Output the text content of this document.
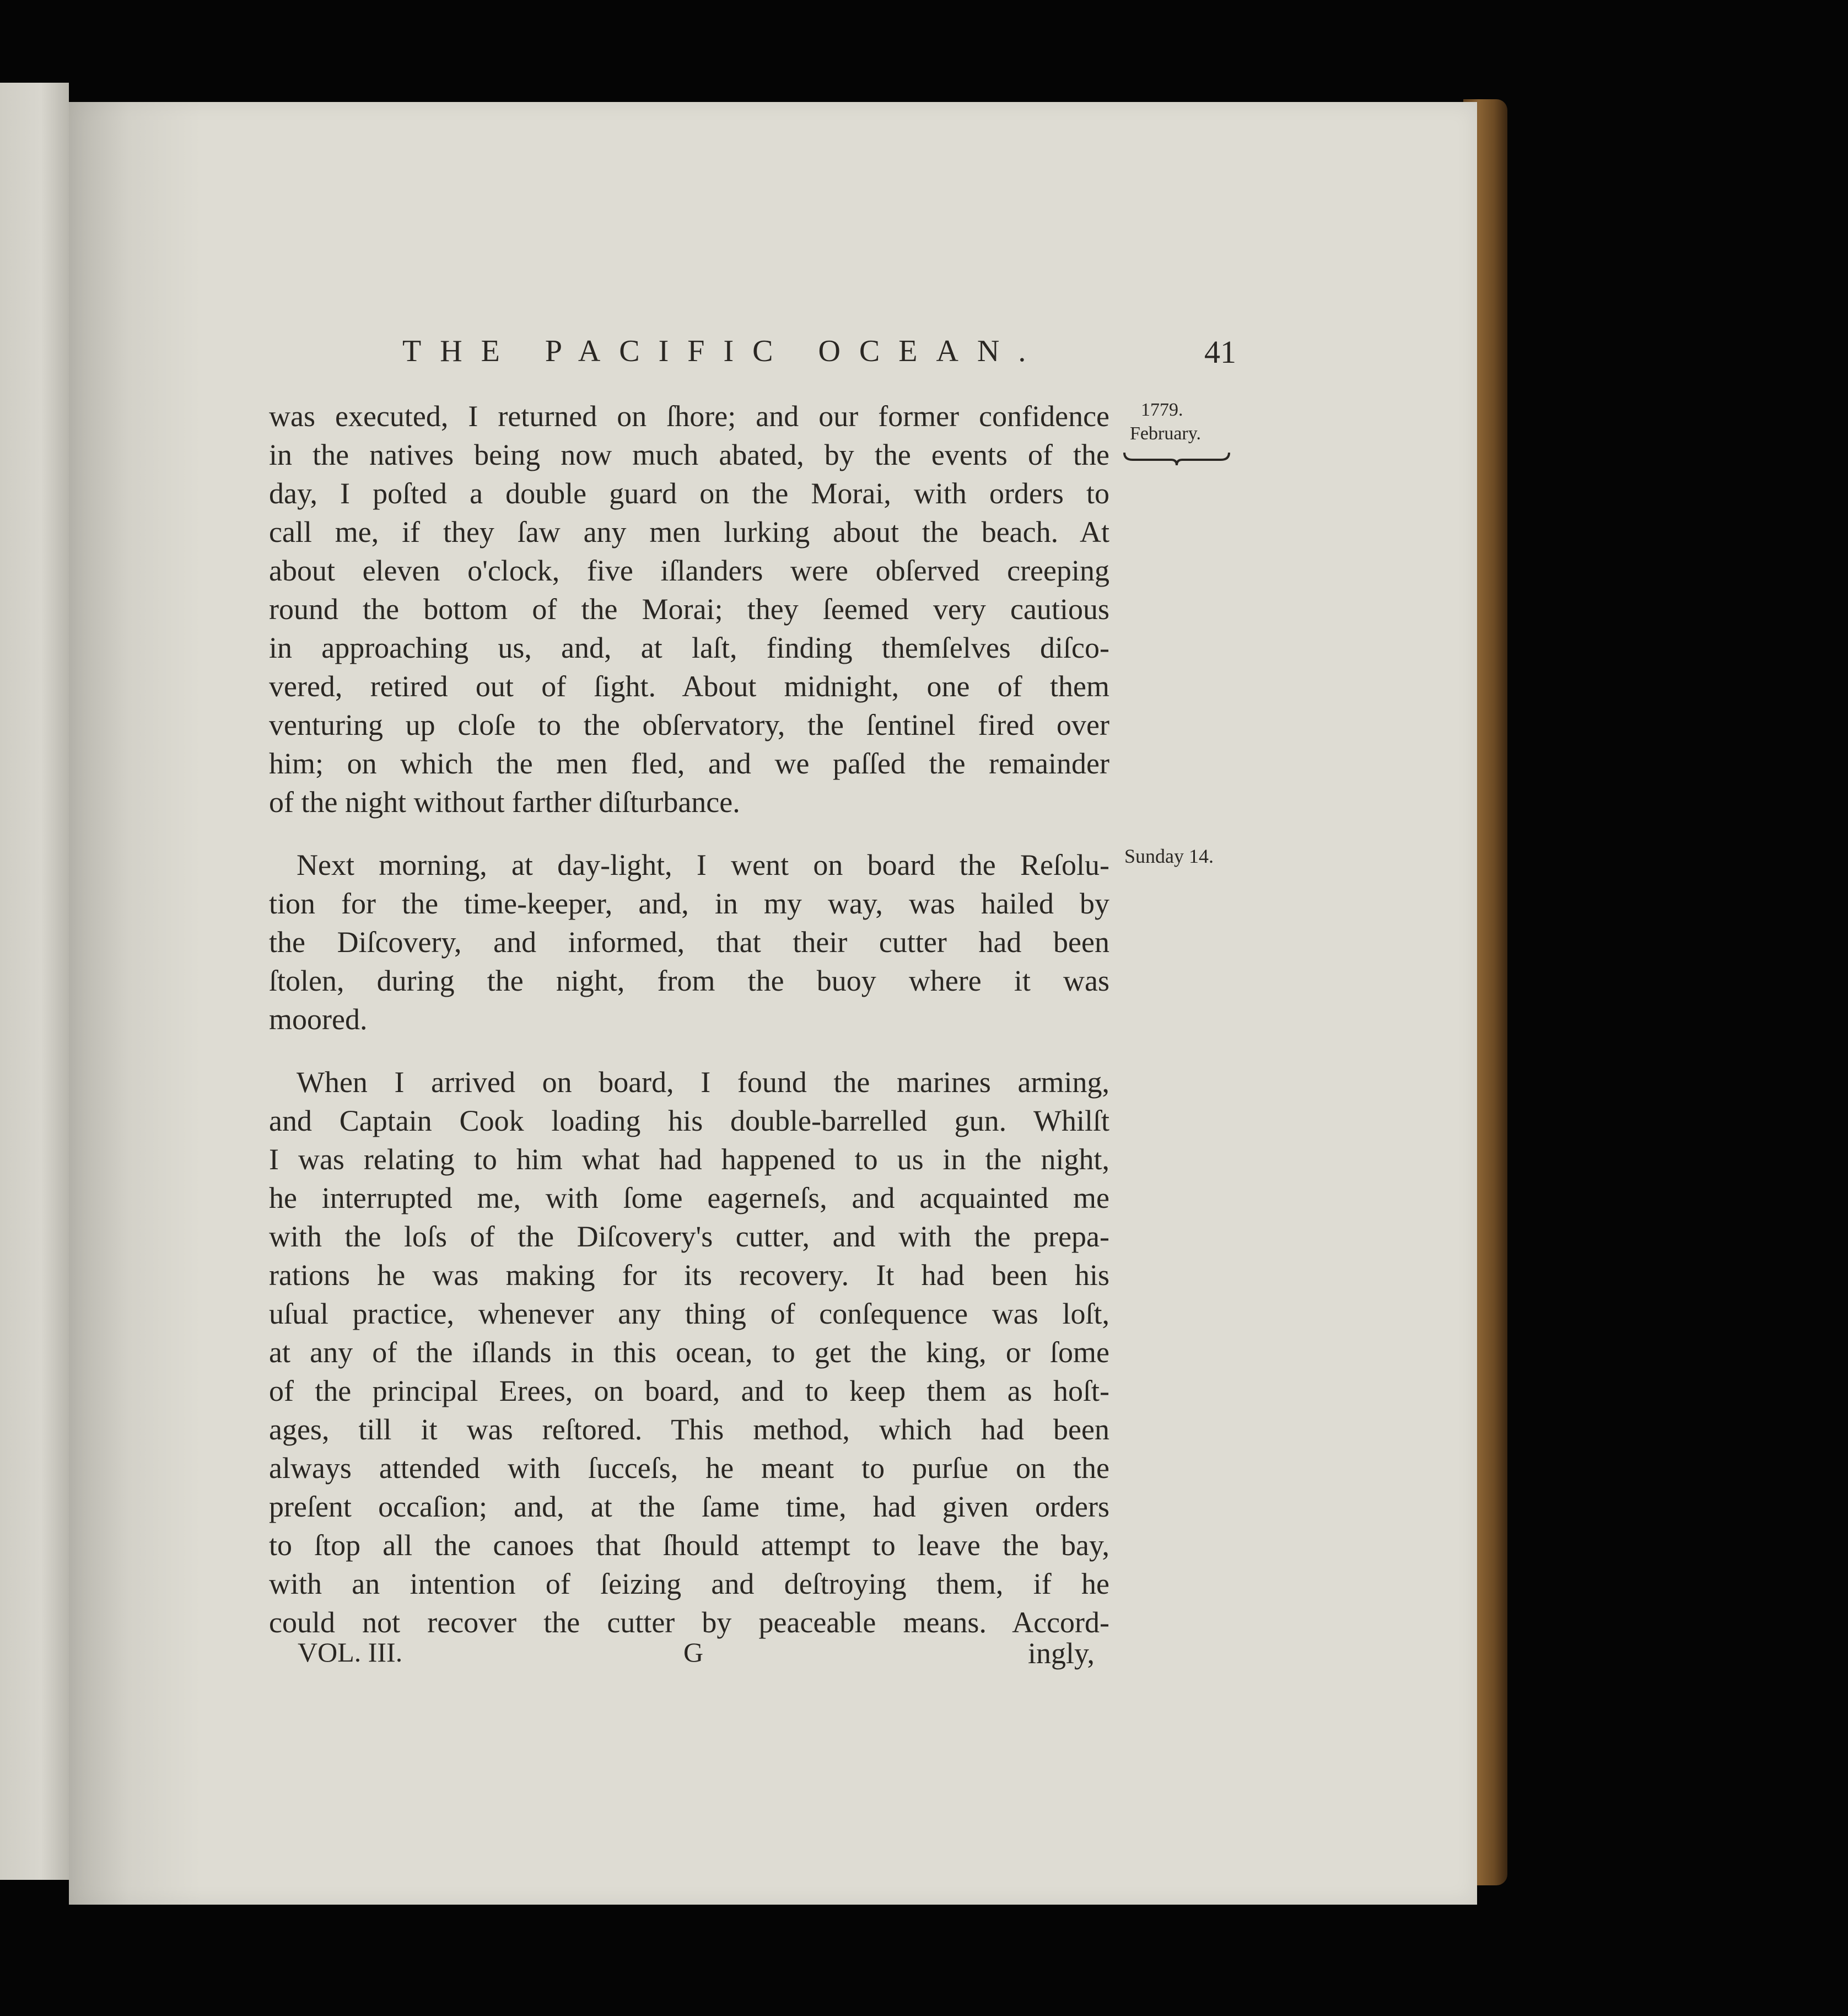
THE PACIFIC OCEAN.	41
1779.
February.
Sunday 14.
was executed, I returned on ſhore; and our former confidence
in the natives being now much abated, by the events of the
day, I poſted a double guard on the Morai, with orders to
call me, if they ſaw any men lurking about the beach. At
about eleven o'clock, five iſlanders were obſerved creeping
round the bottom of the Morai; they ſeemed very cautious
in approaching us, and, at laſt, finding themſelves diſco-
vered, retired out of ſight. About midnight, one of them
venturing up cloſe to the obſervatory, the ſentinel fired over
him; on which the men fled, and we paſſed the remainder
of the night without farther diſturbance.
Next morning, at day-light, I went on board the Reſolu-
tion for the time-keeper, and, in my way, was hailed by
the Diſcovery, and informed, that their cutter had been
ſtolen, during the night, from the buoy where it was
moored.
When I arrived on board, I found the marines arming,
and Captain Cook loading his double-barrelled gun. Whilſt
I was relating to him what had happened to us in the night,
he interrupted me, with ſome eagerneſs, and acquainted me
with the loſs of the Diſcovery's cutter, and with the prepa-
rations he was making for its recovery. It had been his
uſual practice, whenever any thing of conſequence was loſt,
at any of the iſlands in this ocean, to get the king, or ſome
of the principal Erees, on board, and to keep them as hoſt-
ages, till it was reſtored. This method, which had been
always attended with ſucceſs, he meant to purſue on the
preſent occaſion; and, at the ſame time, had given orders
to ſtop all the canoes that ſhould attempt to leave the bay,
with an intention of ſeizing and deſtroying them, if he
could not recover the cutter by peaceable means. Accord-
VOL. III.	G	ingly,
